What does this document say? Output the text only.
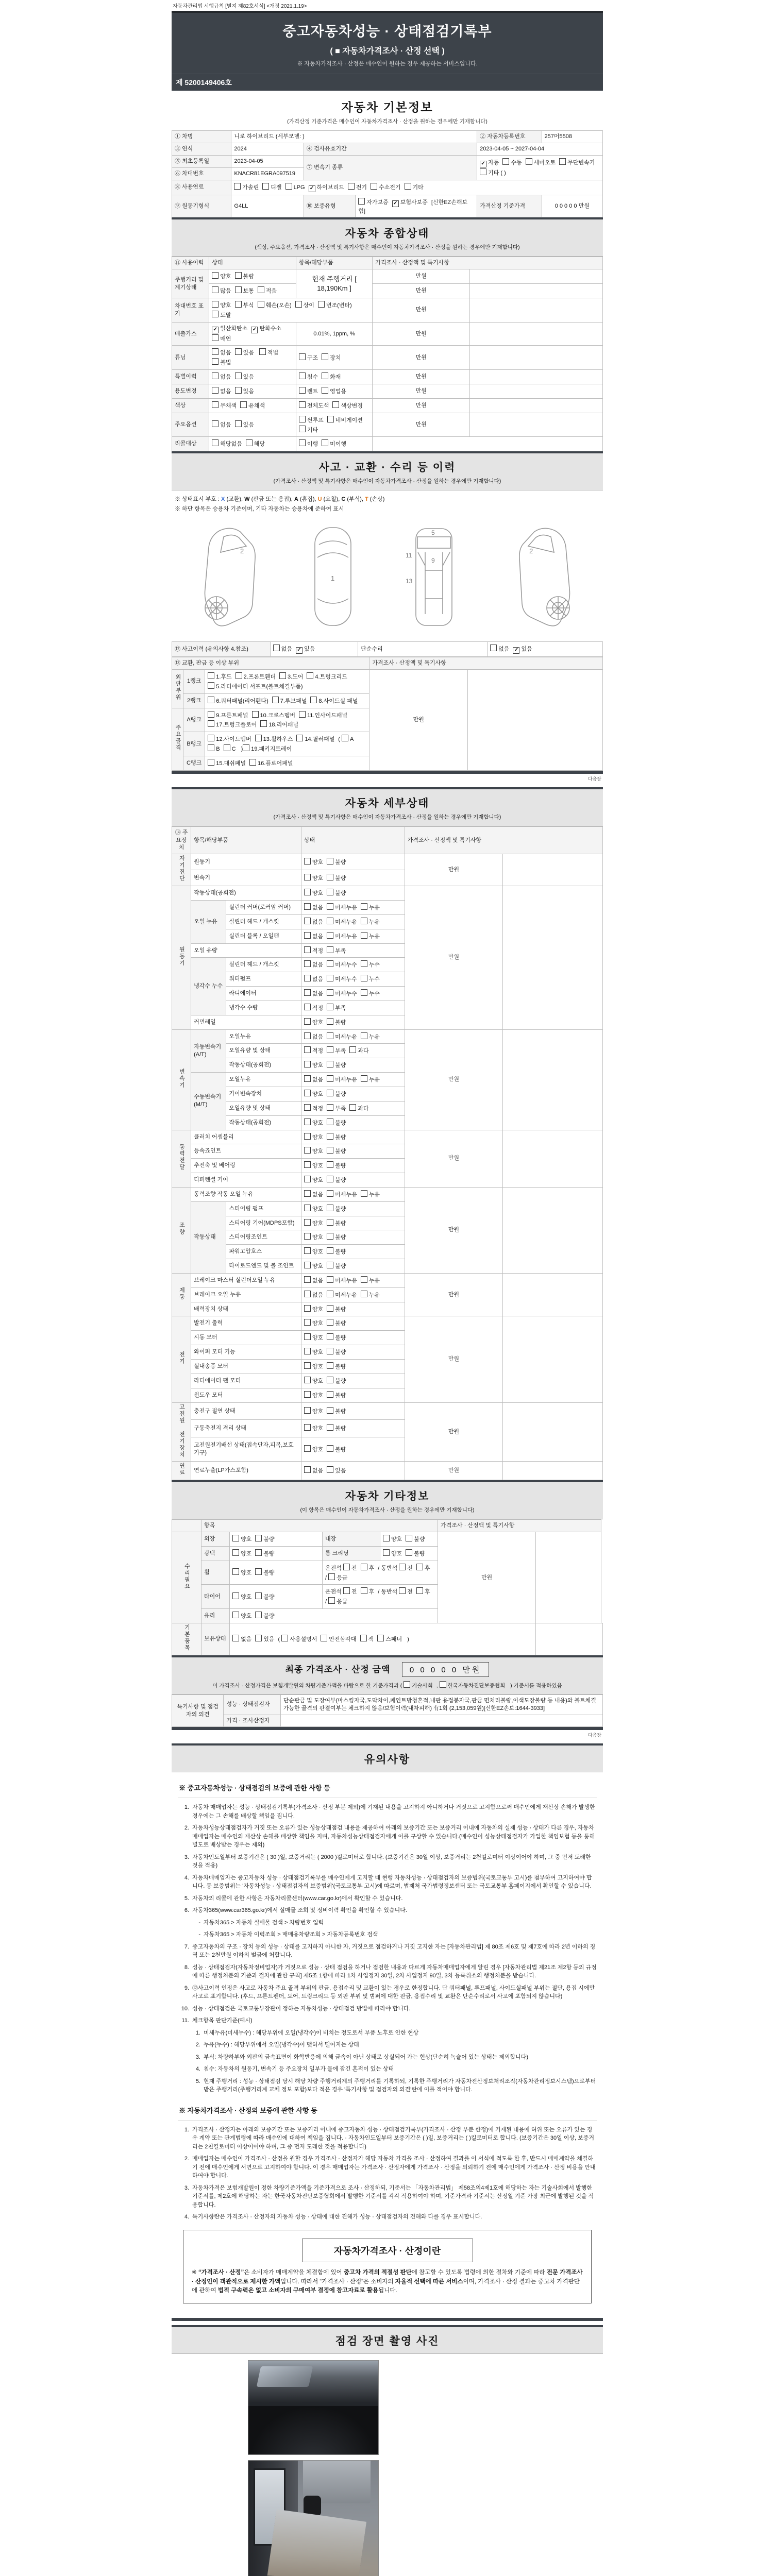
자동차관리법 시행규칙 [별지 제82호서식] <개정 2021.1.19>
중고자동차성능 · 상태점검기록부
( ■ 자동차가격조사 · 산정 선택 )
※ 자동차가격조사 · 산정은 매수인이 원하는 경우 제공하는 서비스입니다.
제 5200149406호
자동차 기본정보
(가격산정 기준가격은 매수인이 자동차가격조사 · 산정을 원하는 경우에만 기재합니다)
① 차명	니로 하이브리드 (세부모델: )			② 자동차등록번호	257머5508
③ 연식	2024	④ 검사유효기간		2023-04-05 ~ 2027-04-04	
⑤ 최초등록일	2023-04-05	⑦ 변속기 종류		✓ 자동 수동 세미오토 무단변속기기타 ( )	
⑥ 차대번호	KNACR81EGRA097519				
⑧ 사용연료	가솔린 디젤 LPG ✓ 하이브리드 전기 수소전기 기타				
⑨ 원동기형식	G4LL	⑩ 보증유형	자가보증 ✓ 보험사보증 [신한EZ손해보험]	가격산정 기준가격	0 0 0 0 0 만원
자동차 종합상태
(색상, 주요옵션, 가격조사 · 산정액 및 특기사항은 매수인이 자동차가격조사 · 산정을 원하는 경우에만 기재합니다)
⑪ 사용이력	상태	항목/해당부품	가격조사 · 산정액 및 특기사항	
주행거리 및 계기상태	양호 불량	현재 주행거리 [ 18,190Km ]	만원	
	많음 보통 적음		만원	
차대번호 표기	양호 부식 훼손(오손) 상이 변조(변타)도말		만원	
배출가스	✓ 일산화탄소 ✓ 탄화수소매연	0.01%, 1ppm, %	만원	
튜닝	없음 있음 적법불법	구조 장치	만원	
특별이력	없음 있음	침수 화재	만원	
용도변경	없음 있음	렌트 영업용	만원	
색상	무채색 유채색	전체도색 색상변경	만원	
주요옵션	없음 있음	썬루프 네비게이션기타	만원	
리콜대상	해당없음 해당	이행 미이행		
사고 · 교환 · 수리 등 이력
(가격조사 · 산정액 및 특기사항은 매수인이 자동차가격조사 · 산정을 원하는 경우에만 기재합니다)
※ 상태표시 부호 : X (교환), W (판금 또는 용접), A (흠집), U (요철), C (부식), T (손상)
※ 하단 항목은 승용차 기준이며, 기타 자동차는 승용차에 준하여 표시
2
1
5
9
11
13
2
⑫ 사고이력 (유의사항 4.참조)	없음 ✓ 있음	단순수리	없음 ✓ 있음
⑬ 교환, 판금 등 이상 부위			가격조사 · 산정액 및 특기사항	
외판부위	1랭크	1.후드 2.프론트휀더 3.도어 4.트렁크리드5.라디에이터 서포트(볼트체결부품)	만원	
	2랭크	6.쿼터패널(리어휀다) 7.루브패널 8.사이드실 패널		
주요골격	A랭크	9.프론트패널 10.크로스멤버 11.인사이드패널17.트렁크플로어 18.리어패널		
	B랭크	12.사이드멤버 13.휠하우스 14.필러패널 ( AB C ) 19.패키지트레이		
	C랭크	15.대쉬패널 16.플로어패널		
다음장
자동차 세부상태
(가격조사 · 산정액 및 특기사항은 매수인이 자동차가격조사 · 산정을 원하는 경우에만 기재합니다)
⑭ 주요장치	항목/해당부품		상태	가격조사 · 산정액 및 특기사항	
자기진단	원동기		양호 불량	만원	
	변속기		양호 불량		
원동기	작동상태(공회전)		양호 불량	만원	
	오일 누유	실린더 커버(로커암 커버)	없음 미세누유 누유		
		실린더 헤드 / 개스킷	없음 미세누유 누유		
		실린더 블록 / 오일팬	없음 미세누유 누유		
	오일 유량		적정 부족		
	냉각수 누수	실린더 헤드 / 개스킷	없음 미세누수 누수		
		워터펌프	없음 미세누수 누수		
		라디에이터	없음 미세누수 누수		
		냉각수 수량	적정 부족		
	커먼레일		양호 불량		
변속기	자동변속기 (A/T)	오일누유	없음 미세누유 누유	만원	
		오일유량 및 상태	적정 부족 과다		
		작동상태(공회전)	양호 불량		
	수동변속기 (M/T)	오일누유	없음 미세누유 누유		
		기어변속장치	양호 불량		
		오일유량 및 상태	적정 부족 과다		
		작동상태(공회전)	양호 불량		
동력전달	클러치 어셈블리		양호 불량	만원	
	등속죠인트		양호 불량		
	추진축 및 베어링		양호 불량		
	디퍼렌셜 기어		양호 불량		
조향	동력조향 작동 오일 누유		없음 미세누유 누유	만원	
	작동상태	스티어링 펌프	양호 불량		
		스티어링 기어(MDPS포함)	양호 불량		
		스티어링조인트	양호 불량		
		파워고압호스	양호 불량		
		타이로드엔드 및 볼 조인트	양호 불량		
제동	브레이크 마스터 실린더오일 누유		없음 미세누유 누유	만원	
	브레이크 오일 누유		없음 미세누유 누유		
	배력장치 상태		양호 불량		
전기	발전기 출력		양호 불량	만원	
	시동 모터		양호 불량		
	와이퍼 모터 기능		양호 불량		
	실내송풍 모터		양호 불량		
	라디에이터 팬 모터		양호 불량		
	윈도우 모터		양호 불량		
고전원 전기장치	충전구 절연 상태		양호 불량	만원	
	구동축전지 격리 상태		양호 불량		
	고전원전기배선 상태(접속단자,피복,보호기구)		양호 불량		
연료	연료누출(LP가스포함)		없음 있음	만원	
자동차 기타정보
(이 항목은 매수인이 자동차가격조사 · 산정을 원하는 경우에만 기재합니다)
	항목				가격조사 · 산정액 및 특기사항	
수리필요	외장	양호 불량	내장	양호 불량	만원	
	광택	양호 불량	룸 크리닝	양호 불량		
	휠	양호 불량	운전석 전 후 / 동반석 전 후/ 응급			
	타이어	양호 불량	운전석 전 후 / 동반석 전 후/ 응급			
	유리	양호 불량				
기본품목	보유상태	없음 있음 ( 사용설명서 안전삼각대 잭 스패너 )				
최종 가격조사 · 산정 금액 0 0 0 0 0 만원
이 가격조사 · 산정가격은 보험개발원의 차량기준가액을 바탕으로 한 기준가격과 ( 기술사회 , 한국자동차진단보증협회 ) 기준서를 적용하였음
특기사항 및 점검자의 의견	성능 · 상태점검자	단순판금 및 도장여부(마스킹자국,도막차이,페인트방청흔적,내판 용접봉자국,판금 면처리불량,이색도장불량 등 내용)와 볼트체결 가능한 골격의 판결여부는 체크하지 않음/보험이력(내차피해) 有1회 (2,153,059원)[신한EZ손보:1644-3933]
	가격 · 조사산정자	
다음장
유의사항
※ 중고자동차성능 · 상태점검의 보증에 관한 사항 등
1. 자동차 매매업자는 성능 · 상태점검기록부(가격조사 · 산정 부분 제외)에 기재된 내용을 고지하지 아니하거나 거짓으로 고지함으로써 매수인에게 재산상 손해가 발생한 경우에는 그 손해를 배상할 책임을 집니다.
2. 자동차성능상태점검자가 거짓 또는 오류가 있는 성능상태점검 내용을 제공하여 아래의 보증기간 또는 보증거리 이내에 자동차의 실제 성능 · 상태가 다른 경우, 자동차매매업자는 매수인의 재산상 손해를 배상할 책임을 지며, 자동차성능상태점검자에게 이를 구상할 수 있습니다.(매수인이 성능상태점검자가 가입한 책임보험 등을 통해 별도로 배상받는 경우는 제외)
3. 자동차인도일부터 보증기간은 ( 30 )일, 보증거리는 ( 2000 )킬로미터로 합니다. (보증기간은 30일 이상, 보증거리는 2천킬로미터 이상이어야 하며, 그 중 먼저 도래한 것을 적용)
4. 자동차매매업자는 중고자동차 성능 · 상태점검기록부를 매수인에게 고지할 때 현행 자동차성능 · 상태점검자의 보증범위(국토교통부 고시)를 첨부하여 고지하여야 합니다. 동 보증범위는 '자동차성능 · 상태점검자의 보증범위'(국토교통부 고시)에 따르며, 법제처 국가법령정보센터 또는 국토교통부 홈페이지에서 확인할 수 있습니다.
5. 자동차의 리콜에 관한 사항은 자동차리콜센터(www.car.go.kr)에서 확인할 수 있습니다.
6. 자동차365(www.car365.go.kr)에서 실매물 조회 및 정비이력 확인을 확인할 수 있습니다.
- 자동차365 > 자동차 실매물 검색 > 차량번호 입력
- 자동차365 > 자동차 이력조회 > 매매용차량조회 > 자동차등록번호 검색
7. 중고자동차의 구조 · 장치 등의 성능 · 상태를 고지하지 아니한 자, 거짓으로 점검하거나 거짓 고지한 자는 [자동차관리법] 제 80조 제6호 및 제7호에 따라 2년 이하의 징역 또는 2천만원 이하의 벌금에 처합니다.
8. 성능 · 상태점검자(자동차정비업자)가 거짓으로 성능 · 상태 점검을 하거나 점검한 내용과 다르게 자동차매매업자에게 알린 경우 [자동차관리법 제21조 제2항 등의 규정에 따른 행정처분의 기준과 절차에 관한 규칙] 제5조 1항에 따라 1차 사업정지 30일, 2차 사업정지 90일, 3차 등록취소의 행정처분을 받습니다.
9. ⑫사고이력 인정은 사고로 자동차 주요 골격 부위의 판금, 용접수리 및 교환이 있는 경우로 한정합니다. 단 쿼터패널, 루프패널, 사이드실패널 부위는 절단, 용접 시에만 사고로 표기합니다. (후드, 프론트펜더, 도어, 트렁크리드 등 외판 부위 및 범퍼에 대한 판금, 용접수리 및 교환은 단순수리로서 사고에 포함되지 않습니다)
10. 성능 · 상태점검은 국토교통부장관이 정하는 자동차성능 · 상태점검 방법에 따라야 합니다.
11. 체크항목 판단기준(예시)
1. 미세누유(미세누수) : 해당부위에 오일(냉각수)이 비치는 정도로서 부품 노후로 인한 현상
2. 누유(누수) : 해당부위에서 오일(냉각수)이 맺혀서 떨어지는 상태
3. 부식: 차량하부와 외판의 금속표면이 화학반응에 의해 금속이 아닌 상태로 상실되어 가는 현상(단순히 녹슬어 있는 상태는 제외합니다)
4. 침수: 자동차의 원동기, 변속기 등 주요장치 일부가 물에 잠긴 흔적이 있는 상태
5. 현재 주행거리 : 성능 · 상태점검 당시 해당 차량 주행거리계의 주행거리를 기록하되, 기록한 주행거리가 자동차전산정보처리조직(자동차관리정보시스템)으로부터 받은 주행거리(주행거리계 교체 정보 포함)보다 적은 경우 '특기사항 및 점검자의 의견'란에 이를 적어야 합니다.
※ 자동차가격조사 · 산정의 보증에 관한 사항 등
1. 가격조사 · 산정자는 아래의 보증기간 또는 보증거리 이내에 중고자동차 성능 · 상태점검기록부(가격조사 · 산정 부분 한정)에 기재된 내용에 허위 또는 오류가 있는 경우 계약 또는 관계법령에 따라 매수인에 대하여 책임을 집니다. · 자동차인도일부터 보증기간은 ( )일, 보증거리는 ( )킬로미터로 합니다. (보증기간은 30일 이상, 보증거리는 2천킬로미터 이상이어야 하며, 그 중 먼저 도래한 것을 적용합니다)
2. 매매업자는 매수인이 가격조사 · 산정을 원할 경우 가격조사 · 산정자가 해당 자동차 가격을 조사 · 산정하여 결과를 이 서식에 적도록 한 후, 반드시 매매계약을 체결하기 전에 매수인에게 서면으로 고지하여야 합니다. 이 경우 매매업자는 가격조사 · 산정자에게 가격조사 · 산정을 의뢰하기 전에 매수인에게 가격조사 · 산정 비용을 안내하여야 합니다.
3. 자동차가격은 보험개발원이 정한 차량기준가액을 기준가격으로 조사 · 산정하되, 기준서는 「자동차관리법」 제58조의4제1호에 해당하는 자는 기술사회에서 발행한 기준서를, 제2호에 해당하는 자는 한국자동차진단보증협회에서 발행한 기준서를 각각 적용하여야 하며, 기준가격과 기준서는 산정일 기준 가장 최근에 발행된 것을 적용합니다.
4. 특기사항란은 가격조사 · 산정자의 자동차 성능 · 상태에 대한 견해가 성능 · 상태점검자의 견해와 다를 경우 표시합니다.
자동차가격조사 · 산정이란
※ “가격조사 · 산정”은 소비자가 매매계약을 체결함에 있어 중고차 가격의 적절성 판단에 참고할 수 있도록 법령에 의한 절차와 기준에 따라 전문 가격조사 · 산정인이 객관적으로 제시한 가액입니다. 따라서 “가격조사 · 산정”은 소비자의 자율적 선택에 따른 서비스이며, 가격조사 · 산정 결과는 중고차 가격판단에 관하여 법적 구속력은 없고 소비자의 구매여부 결정에 참고자료로 활용됩니다.
점검 장면 촬영 사진
